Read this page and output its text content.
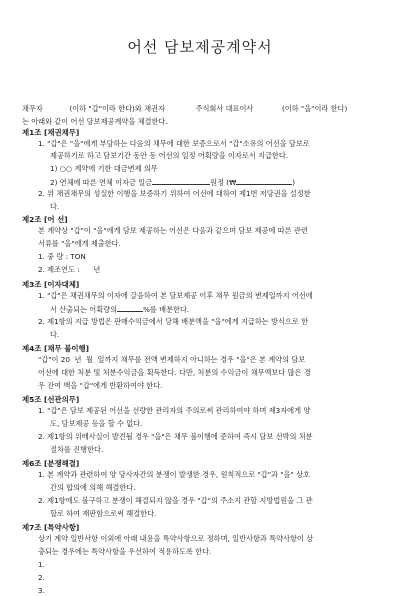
어선 담보제공계약서
채무자	(이하 "갑"이라 한다)와 채권자	주식회사 대표이사	(이하 "을"이라 한다)
는 아래와 같이 어선 담보제공계약을 체결한다.
제1조 [채권채무]
1. "갑"은 "을"에게 부담하는 다음의 채무에 대한 보증으로서 "갑"소유의 어선을 담보로
제공하기로 하고 담보기간 동안 동 어선의 일정 어획량을 이자로서 지급한다.
1) ○○ 계약에 기한 대금변제 의무
2) 연체에 따른 연체 이자금 일금	원정 (₩	)
2. 위 채권채무의 성실한 이행을 보증하기 위하여 어선에 대하여 제1번 저당권을 설정한
다.
제2조 [어 선]
본 계약상 "갑"이 "을"에게 담보 제공하는 어선은 다음과 같으며 담보 제공에 따른 관련
서류를 "을"에게 제출한다.
1. 중 량 : TON
2. 제조연도 :      년
제3조 [이자대체]
1. "갑"은 채권채무의 이자에 갈음하여 본 담보제공 이후 채무 원금의 변제일까지 어선에
서 산출되는 어획량의	%를 배분한다.
2. 제1항의 지급 방법은 판매수익금에서 당해 배분액을 "을"에게 지급하는 방식으로 한
다.
제4조 [채무 불이행]
"갑"이 20  년  월  일까지 채무를 전액 변제하지 아니하는 경우 "을"은 본 계약의 담보
어선에 대한 처분 및 처분수익금을 획득한다. 다만, 처분의 수익금이 채무액보다 많은 경
우 잔여 액을 "갑"에게 반환하여야 한다.
제5조 [선관의무]
1. "갑"은 담보 제공된 어선을 선량한 관리자의 주의로써 관리하여야 하며 제3자에게 양
도, 담보제공 등을 할 수 없다.
2. 제1항의 위배사실이 발견될 경우 "을"은 채무 불이행에 준하여 즉시 담보 선박의 처분
절차를 진행한다.
제6조 [분쟁해결]
1. 본 계약과 관련하여 양 당사자간의 분쟁이 발생한 경우, 원칙적으로 "갑"과 "을" 상호
간의 합의에 의해 해결한다.
2. 제1항에도 불구하고 분쟁이 해결되지 않을 경우 "갑"의 주소지 관할 지방법원을 그 관
할로 하여 재판함으로써 해결한다.
제7조 [특약사항]
상기 계약 일반사항 이외에 아래 내용을 특약사항으로 정하며, 일반사항과 특약사항이 상
충되는 경우에는 특약사항을 우선하여 적용하도록 한다.
1.
2.
3.
